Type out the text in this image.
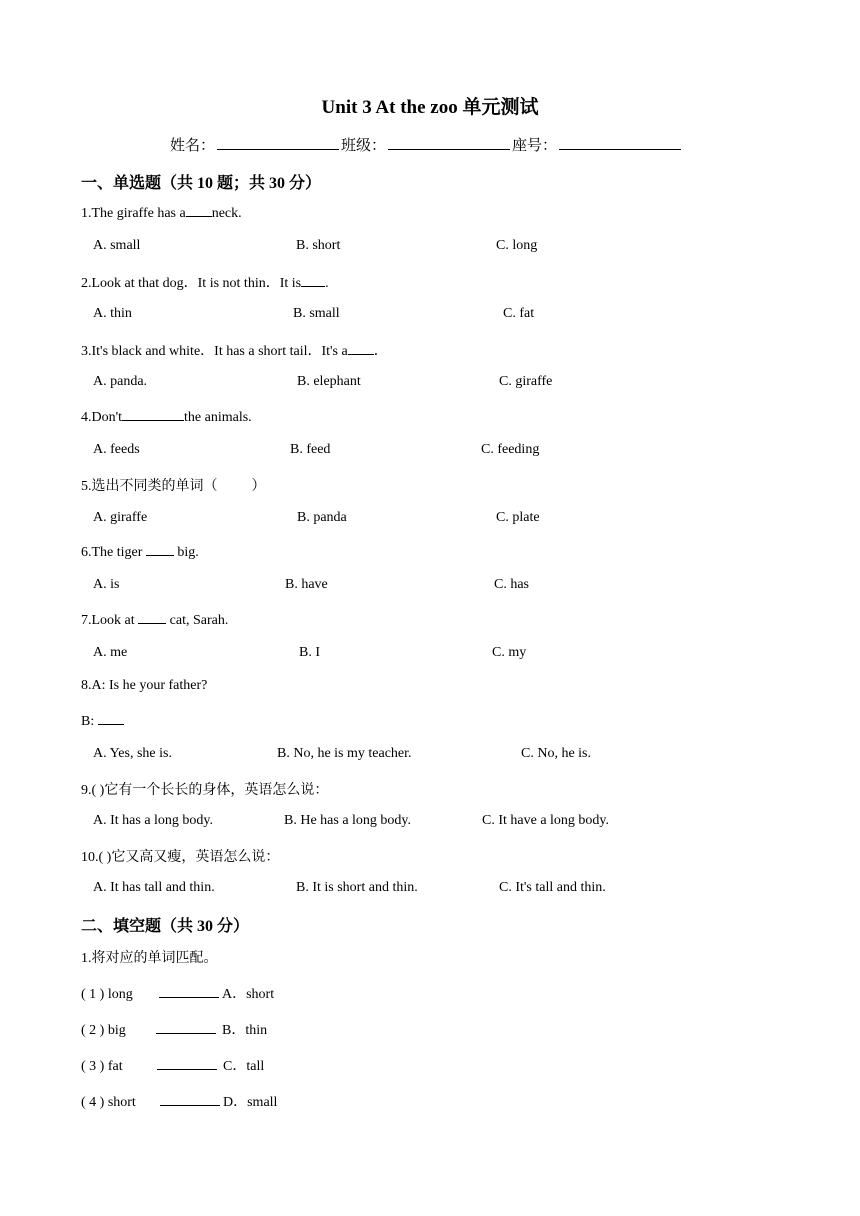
Unit 3 At the zoo 单元测试
姓名：	班级：	座号：
一、单选题（共 10 题；共 30 分）
1.The giraffe has a neck.
A. small	B. short	C. long
2.Look at that dog．It is not thin．It is .
A. thin	B. small	C. fat
3.It's black and white．It has a short tail．It's a ．
A. panda.	B. elephant	C. giraffe
4.Don't	the animals.
A. feeds	B. feed	C. feeding
5.选出不同类的单词（ ）
A. giraffe	B. panda	C. plate
6.The tiger  big.
A. is	B. have	C. has
7.Look at  cat, Sarah.
A. me	B. I	C. my
8.A: Is he your father?
B:
A. Yes, she is.	B. No, he is my teacher.	C. No, he is.
9.( )它有一个长长的身体，英语怎么说：
A. It has a long body.	B. He has a long body.	C. It have a long body.
10.( )它又高又瘦，英语怎么说：
A. It has tall and thin.	B. It is short and thin.	C. It's tall and thin.
二、填空题（共 30 分）
1.将对应的单词匹配。
( 1 ) long	A．short
( 2 ) big	B．thin
( 3 ) fat	C．tall
( 4 ) short	D．small
